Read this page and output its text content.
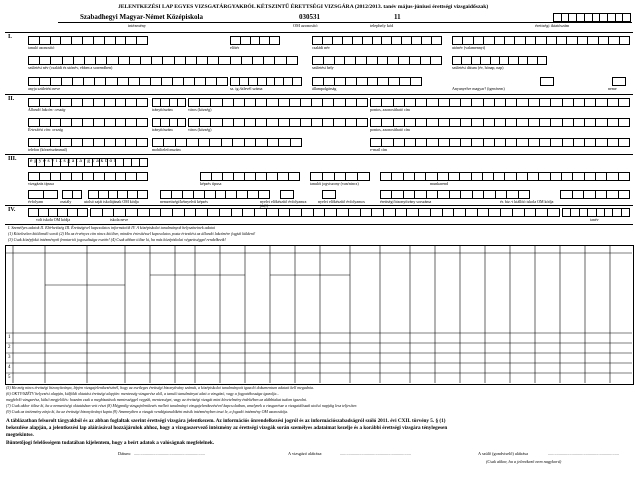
JELENTKEZÉSI LAP EGYES VIZSGATÁRGYAKBÓL KÉTSZINTŰ ÉRETTSÉGI VIZSGÁRA (2012/2013. tanév május-júniusi érettségi vizsgaidőszak)
Szabadhegyi Magyar-Német Középiskola	030531	11
intézmény	OM azonosító	telephely kód	érettségi iktatószám
I.
tanuló azonosító	előtér	családi név	utónév (valamennyi)
születési név (családi és utónév, ebben a sorrendben)	születési hely	születési dátum (év, hónap, nap)
anyja születési neve	sz. ig./útlevél száma	állampolgárság	Anyanyelve magyar? (igen/nem)	neme
II.
Állandó lakcím: ország	irányítószám	város (község)	pontos, azonosítható cím
Értesítési cím: ország	irányítószám	város (község)	pontos, azonosítható cím
telefon (körzetszámmal)	mobiltelefonszám	e-mail cím
III. e g y e s v i z s g a t á r g y a k b ó l
vizsgázás típusa	képzés típusa	tanulói jogviszony (van/nincs)	munkarend
évfolyam	osztály	utolsó saját iskolájának OM kódja	nemzetiségi/kétnyelvű képzés	nyelvi előkészítő évfolyamra jár(t)
nyelvi előkészítő évfolyamos	érettségi bizonyítvány sorszáma	ér. biz.-t kiállító iskola OM kódja
IV.
volt iskola OM kódja	iskola neve	tanév
I. Személyes adatok II. Elérhetőség III. Érettségivel kapcsolatos információk IV. A középiskolai tanulmányok helyszíneinek adatai
(1) Kötelezően kitöltendő sorok (2) Ha az érvényes cím nincs kitöltve, minden értesítéssel kapcsolatos posta értesítést az állandó lakcímére fogjuk küldeni!
(3) Csak középfokú intézmények fenntartói jogosultsága esetén! (4) Csak abban töltse ki, ha más középiskolai végzettséggel rendelkezik!
1
2
3
4
5
(5) Ha még nincs érettségi bizonyítványa, lépjen vizsgajelentkezésénél, hogy az esetleges érettségi bizonyítvány számát, a középiskolai tanulmányait igazoló dokumentum adatait kell megadnia.
(6) OKTV/SZÉTV helyezési alapján, külföldi oktatást érettségi alapján: mentesség vizsgarész alól, a tanuló tanulmányai alatt a vizsgázó, vagy a fogyatékossága igazolja...
megfelelő vizsgarész, külső megjelölés: hozzám csak a megbízatások mentességgel vegyük, mentességet, vagy az érettségi vizsgát mint követelmény érdekében az alábbiakat tudom igazolni.
(7) Csak akkor töltse ki, ha a nemzetiségi oktatásban vett részt (8) Mégpedig vizsgajelentkezés mellett tanulmányi vizsgajelentkezésével kapcsolatban, amelynek a vizsgarésze a vizsgaidőszak utolsó napjáig lesz teljesítve.
(9) Csak az intézmény zárja ki, ha az érettségi bizonyítványt kapta (9) Amennyiben a vizsgát vendégtanulóként másik intézményben teszi le, a fogadó intézmény OM azonosítója.
A táblázatban felsorolt tárgyakból és az abban foglaltak szerint érettségi vizsgára jelentkezem. Az információs önrendelkezési jogról és az információszabadságról szóló 2011. évi CXII. törvény 5. § (1)
bekezdése alapján, a jelentkezési lap aláírásával hozzájárulok ahhoz, hogy a vizsgaszervező intézmény az érettségi vizsgák során személyes adataimat kezelje és a korábbi érettségi vizsgára ténylegesen
megtekintse.
Büntetőjogi felelősségem tudatában kijelentem, hogy a beírt adatok a valóságnak megfelelnek.
Dátum: ..................................................................	A vizsgázó aláírása:	..................................................................	A szülő (gondviselő) aláírása	..................................................................
(Csak akkor, ha a jelentkező nem nagykorú)
